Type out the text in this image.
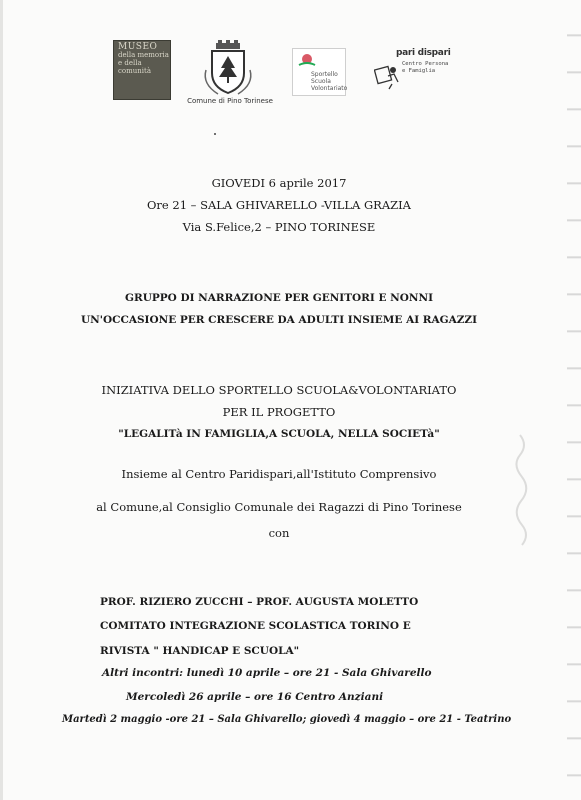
MUSEO
della memoria
e della
comunità
Comune di Pino Torinese
Sportello
Scuola
Volontariato
pari dispari
Centro Persona
e Famiglia
GIOVEDI 6 aprile 2017
Ore 21 – SALA GHIVARELLO -VILLA GRAZIA
Via S.Felice,2 – PINO TORINESE
GRUPPO DI NARRAZIONE PER GENITORI E NONNI
UN'OCCASIONE PER CRESCERE DA ADULTI INSIEME AI RAGAZZI
INIZIATIVA DELLO SPORTELLO SCUOLA&VOLONTARIATO
PER IL PROGETTO
"LEGALITà IN FAMIGLIA,A SCUOLA, NELLA SOCIETà"
Insieme al Centro Paridispari,all'Istituto Comprensivo
al Comune,al Consiglio Comunale dei Ragazzi di Pino Torinese
con
PROF. RIZIERO ZUCCHI – PROF. AUGUSTA MOLETTO
COMITATO INTEGRAZIONE SCOLASTICA TORINO E
RIVISTA " HANDICAP E SCUOLA"
Altri incontri: lunedì 10 aprile – ore 21 - Sala Ghivarello
Mercoledì 26 aprile – ore 16 Centro Anziani
Martedì 2 maggio -ore 21 – Sala Ghivarello; giovedì 4 maggio – ore 21 - Teatrino
